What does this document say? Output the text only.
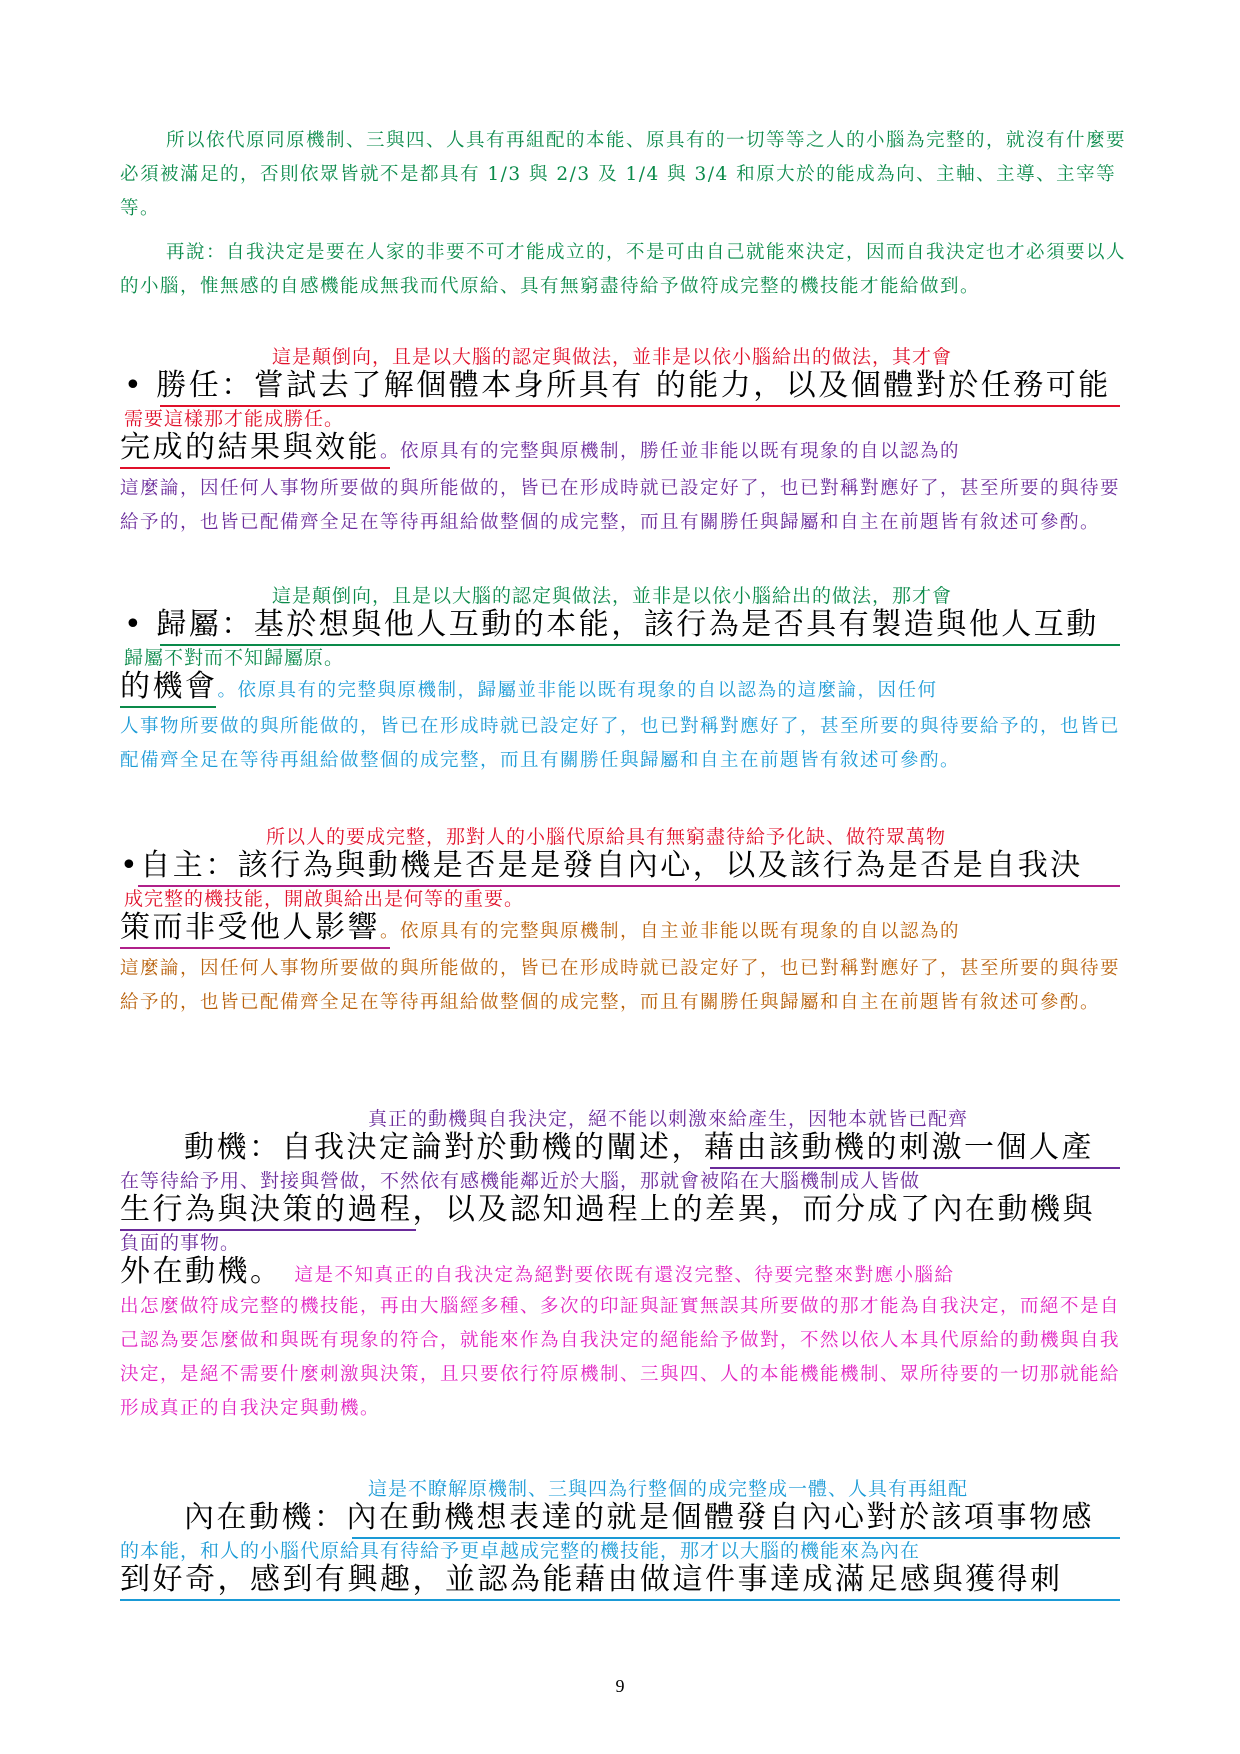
所以依代原同原機制、三與四、人具有再組配的本能、原具有的一切等等之人的小腦為完整的，就沒有什麼要必須被滿足的，否則依眾皆就不是都具有 1/3 與 2/3 及 1/4 與 3/4 和原大於的能成為向、主軸、主導、主宰等等。

再說：自我決定是要在人家的非要不可才能成立的，不是可由自己就能來決定，因而自我決定也才必須要以人的小腦，惟無感的自感機能成無我而代原給、具有無窮盡待給予做符成完整的機技能才能給做到。

這是顛倒向，且是以大腦的認定與做法，並非是以依小腦給出的做法，其才會
• 勝任：嘗試去了解個體本身所具有 的能力，以及個體對於任務可能
需要這樣那才能成勝任。
完成的結果與效能。依原具有的完整與原機制，勝任並非能以既有現象的自以認為的

這麼論，因任何人事物所要做的與所能做的，皆已在形成時就已設定好了，也已對稱對應好了，甚至所要的與待要給予的，也皆已配備齊全足在等待再組給做整個的成完整，而且有關勝任與歸屬和自主在前題皆有敘述可參酌。

這是顛倒向，且是以大腦的認定與做法，並非是以依小腦給出的做法，那才會
• 歸屬：基於想與他人互動的本能，該行為是否具有製造與他人互動
歸屬不對而不知歸屬原。
的機會。依原具有的完整與原機制，歸屬並非能以既有現象的自以認為的這麼論，因任何

人事物所要做的與所能做的，皆已在形成時就已設定好了，也已對稱對應好了，甚至所要的與待要給予的，也皆已配備齊全足在等待再組給做整個的成完整，而且有關勝任與歸屬和自主在前題皆有敘述可參酌。

所以人的要成完整，那對人的小腦代原給具有無窮盡待給予化缺、做符眾萬物
•自主：該行為與動機是否是是發自內心，以及該行為是否是自我決
成完整的機技能，開啟與給出是何等的重要。
策而非受他人影響。依原具有的完整與原機制，自主並非能以既有現象的自以認為的

這麼論，因任何人事物所要做的與所能做的，皆已在形成時就已設定好了，也已對稱對應好了，甚至所要的與待要給予的，也皆已配備齊全足在等待再組給做整個的成完整，而且有關勝任與歸屬和自主在前題皆有敘述可參酌。

真正的動機與自我決定，絕不能以刺激來給產生，因牠本就皆已配齊
動機：自我決定論對於動機的闡述，藉由該動機的刺激一個人產
在等待給予用、對接與營做，不然依有感機能鄰近於大腦，那就會被陷在大腦機制成人皆做
生行為與決策的過程，以及認知過程上的差異，而分成了內在動機與
負面的事物。
外在動機。 這是不知真正的自我決定為絕對要依既有還沒完整、待要完整來對應小腦給

出怎麼做符成完整的機技能，再由大腦經多種、多次的印証與証實無誤其所要做的那才能為自我決定，而絕不是自己認為要怎麼做和與既有現象的符合，就能來作為自我決定的絕能給予做對，不然以依人本具代原給的動機與自我決定，是絕不需要什麼刺激與決策，且只要依行符原機制、三與四、人的本能機能機制、眾所待要的一切那就能給形成真正的自我決定與動機。

這是不瞭解原機制、三與四為行整個的成完整成一體、人具有再組配
內在動機：內在動機想表達的就是個體發自內心對於該項事物感
的本能，和人的小腦代原給具有待給予更卓越成完整的機技能，那才以大腦的機能來為內在
到好奇，感到有興趣，並認為能藉由做這件事達成滿足感與獲得刺
9
